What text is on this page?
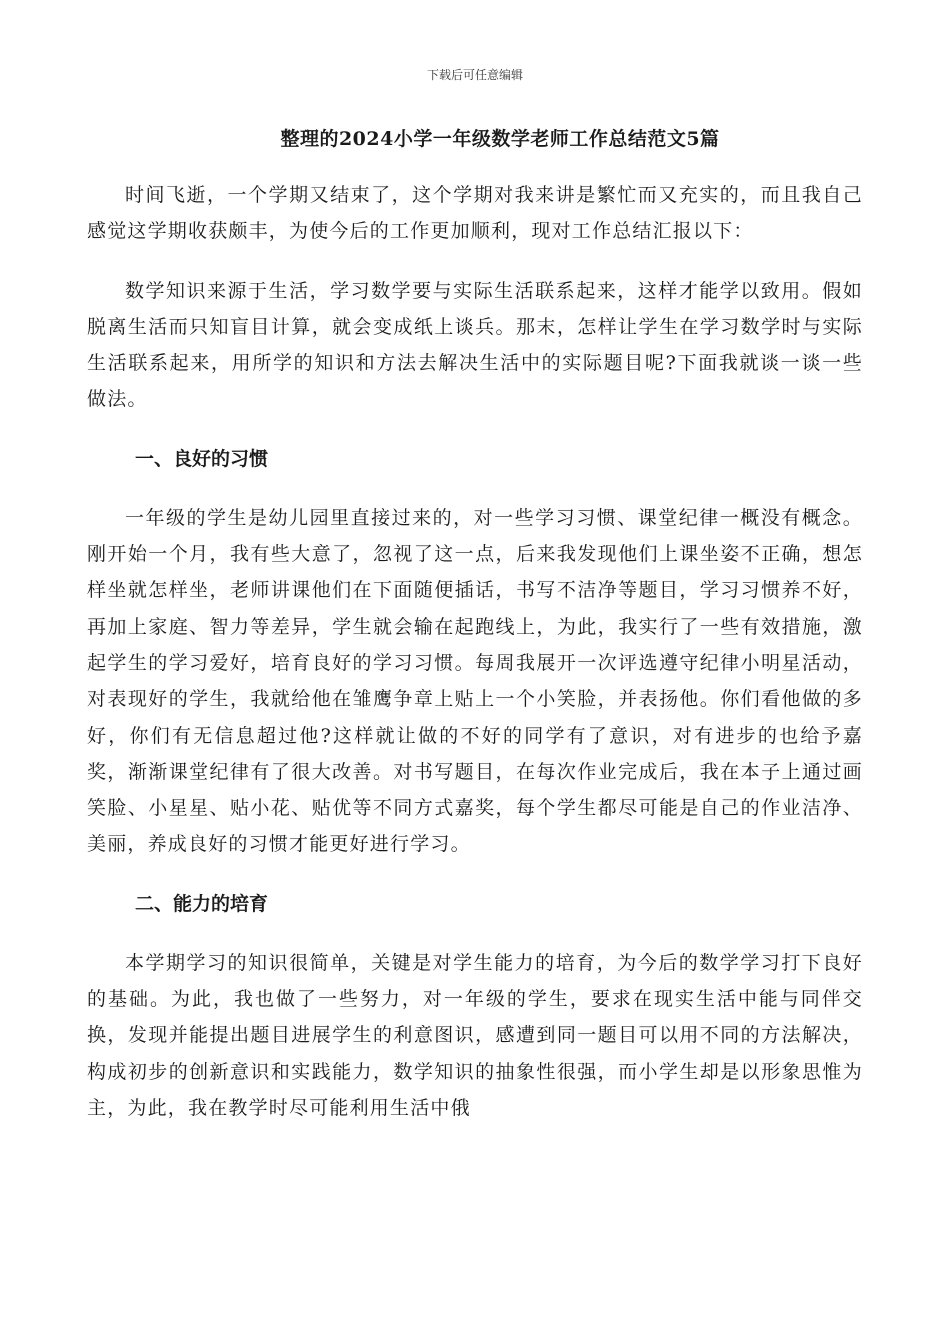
下载后可任意编辑
整理的2024小学一年级数学老师工作总结范文5篇

时间飞逝，一个学期又结束了，这个学期对我来讲是繁忙而又充实的，而且我自己感觉这学期收获颇丰，为使今后的工作更加顺利，现对工作总结汇报以下：

数学知识来源于生活，学习数学要与实际生活联系起来，这样才能学以致用。假如脱离生活而只知盲目计算，就会变成纸上谈兵。那末，怎样让学生在学习数学时与实际生活联系起来，用所学的知识和方法去解决生活中的实际题目呢?下面我就谈一谈一些做法。

一、良好的习惯

一年级的学生是幼儿园里直接过来的，对一些学习习惯、课堂纪律一概没有概念。刚开始一个月，我有些大意了，忽视了这一点，后来我发现他们上课坐姿不正确，想怎样坐就怎样坐，老师讲课他们在下面随便插话，书写不洁净等题目，学习习惯养不好，再加上家庭、智力等差异，学生就会输在起跑线上，为此，我实行了一些有效措施，激起学生的学习爱好，培育良好的学习习惯。每周我展开一次评选遵守纪律小明星活动，对表现好的学生，我就给他在雏鹰争章上贴上一个小笑脸，并表扬他。你们看他做的多好，你们有无信息超过他?这样就让做的不好的同学有了意识，对有进步的也给予嘉奖，渐渐课堂纪律有了很大改善。对书写题目，在每次作业完成后，我在本子上通过画笑脸、小星星、贴小花、贴优等不同方式嘉奖，每个学生都尽可能是自己的作业洁净、美丽，养成良好的习惯才能更好进行学习。

二、能力的培育

本学期学习的知识很简单，关键是对学生能力的培育，为今后的数学学习打下良好的基础。为此，我也做了一些努力，对一年级的学生，要求在现实生活中能与同伴交换，发现并能提出题目进展学生的利意图识，感遭到同一题目可以用不同的方法解决，构成初步的创新意识和实践能力，数学知识的抽象性很强，而小学生却是以形象思惟为主，为此，我在教学时尽可能利用生活中俄
